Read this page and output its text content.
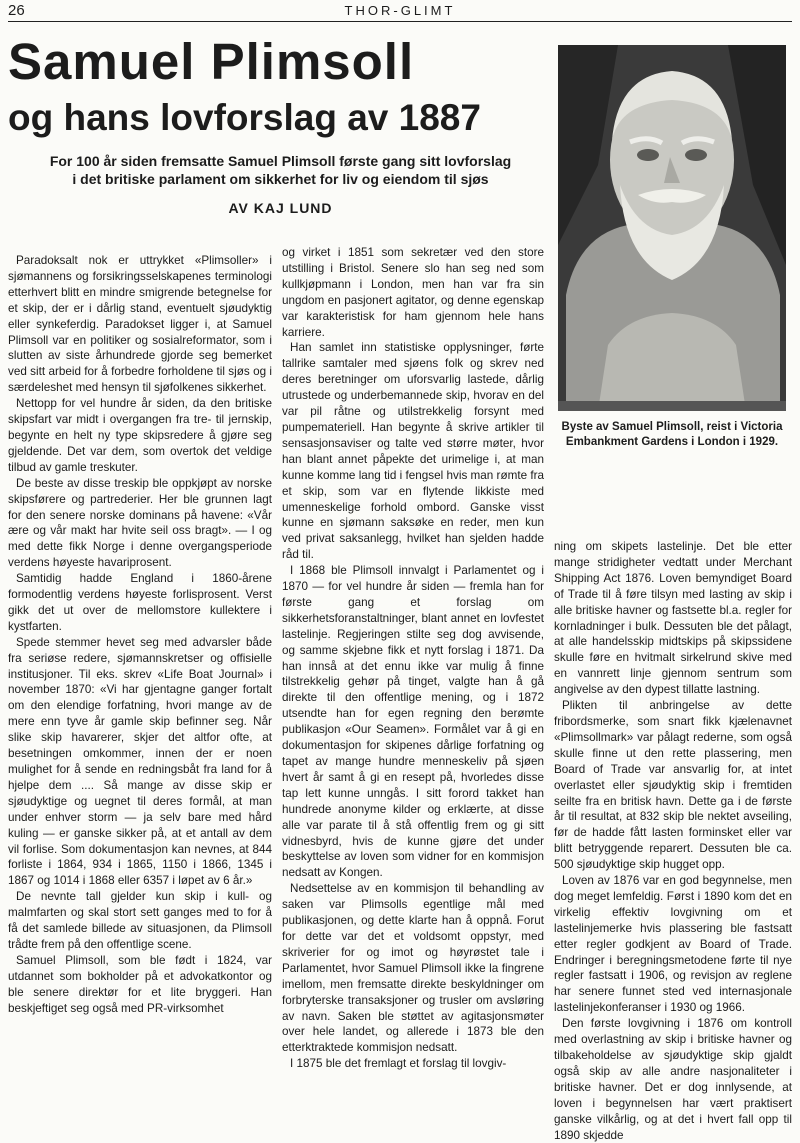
26	THOR-GLIMT
Samuel Plimsoll
og hans lovforslag av 1887
For 100 år siden fremsatte Samuel Plimsoll første gang sitt lovforslag
i det britiske parlament om sikkerhet for liv og eiendom til sjøs
AV KAJ LUND
Byste av Samuel Plimsoll, reist i Victoria Embankment Gardens i London i 1929.

Paradoksalt nok er uttrykket «Plimsoller» i sjømannens og forsikringsselskapenes terminologi etterhvert blitt en mindre smigrende betegnelse for et skip, der er i dårlig stand, eventuelt sjøudyktig eller synkeferdig. Paradokset ligger i, at Samuel Plimsoll var en politiker og sosialreformator, som i slutten av siste århundrede gjorde seg bemerket ved sitt arbeid for å forbedre forholdene til sjøs og i særdeleshet med hensyn til sjøfolkenes sikkerhet.

Nettopp for vel hundre år siden, da den britiske skipsfart var midt i overgangen fra tre- til jernskip, begynte en helt ny type skipsredere å gjøre seg gjeldende. Det var dem, som overtok det veldige tilbud av gamle treskuter.

De beste av disse treskip ble oppkjøpt av norske skipsførere og partrederier. Her ble grunnen lagt for den senere norske dominans på havene: «Vår ære og vår makt har hvite seil oss bragt». — I og med dette fikk Norge i denne overgangsperiode verdens høyeste havariprosent.

Samtidig hadde England i 1860-årene formodentlig verdens høyeste forlisprosent. Verst gikk det ut over de mellomstore kullektere i kystfarten.

Spede stemmer hevet seg med advarsler både fra seriøse redere, sjømannskretser og offisielle institusjoner. Til eks. skrev «Life Boat Journal» i november 1870: «Vi har gjentagne ganger fortalt om den elendige forfatning, hvori mange av de mere enn tyve år gamle skip befinner seg. Når slike skip havarerer, skjer det altfor ofte, at besetningen omkommer, innen der er noen mulighet for å sende en redningsbåt fra land for å hjelpe dem .... Så mange av disse skip er sjøudyktige og uegnet til deres formål, at man under enhver storm — ja selv bare med hård kuling — er ganske sikker på, at et antall av dem vil forlise. Som dokumentasjon kan nevnes, at 844 forliste i 1864, 934 i 1865, 1150 i 1866, 1345 i 1867 og 1014 i 1868 eller 6357 i løpet av 6 år.»

De nevnte tall gjelder kun skip i kull- og malmfarten og skal stort sett ganges med to for å få det samlede billede av situasjonen, da Plimsoll trådte frem på den offentlige scene.

Samuel Plimsoll, som ble født i 1824, var utdannet som bokholder på et advokatkontor og ble senere direktør for et lite bryggeri. Han beskjeftiget seg også med PR-virksomhet

og virket i 1851 som sekretær ved den store utstilling i Bristol. Senere slo han seg ned som kullkjøpmann i London, men han var fra sin ungdom en pasjonert agitator, og denne egenskap var karakteristisk for ham gjennom hele hans karriere.

Han samlet inn statistiske opplysninger, førte tallrike samtaler med sjøens folk og skrev ned deres beretninger om uforsvarlig lastede, dårlig utrustede og underbemannede skip, hvorav en del var pil råtne og utilstrekkelig forsynt med pumpemateriell. Han begynte å skrive artikler til sensasjonsaviser og talte ved større møter, hvor han blant annet påpekte det urimelige i, at man kunne komme lang tid i fengsel hvis man rømte fra et skip, som var en flytende likkiste med umenneskelige forhold ombord. Ganske visst kunne en sjømann saksøke en reder, men kun ved privat saksanlegg, hvilket han sjelden hadde råd til.

I 1868 ble Plimsoll innvalgt i Parlamentet og i 1870 — for vel hundre år siden — fremla han for første gang et forslag om sikkerhetsforanstaltninger, blant annet en lovfestet lastelinje. Regjeringen stilte seg dog avvisende, og samme skjebne fikk et nytt forslag i 1871. Da han innså at det ennu ikke var mulig å finne tilstrekkelig gehør på tinget, valgte han å gå direkte til den offentlige mening, og i 1872 utsendte han for egen regning den berømte publikasjon «Our Seamen». Formålet var å gi en dokumentasjon for skipenes dårlige forfatning og tapet av mange hundre menneskeliv på sjøen hvert år samt å gi en resept på, hvorledes disse tap lett kunne unngås. I sitt forord takket han hundrede anonyme kilder og erklærte, at disse alle var parate til å stå offentlig frem og gi sitt vidnesbyrd, hvis de kunne gjøre det under beskyttelse av loven som vidner for en kommisjon nedsatt av Kongen.

Nedsettelse av en kommisjon til behandling av saken var Plimsolls egentlige mål med publikasjonen, og dette klarte han å oppnå. Forut for dette var det et voldsomt oppstyr, med skriverier for og imot og høyrøstet tale i Parlamentet, hvor Samuel Plimsoll ikke la fingrene imellom, men fremsatte direkte beskyldninger om forbryterske transaksjoner og trusler om avsløring av navn. Saken ble støttet av agitasjonsmøter over hele landet, og allerede i 1873 ble den etterktraktede kommisjon nedsatt.

I 1875 ble det fremlagt et forslag til lovgiv-

ning om skipets lastelinje. Det ble etter mange stridigheter vedtatt under Merchant Shipping Act 1876. Loven bemyndiget Board of Trade til å føre tilsyn med lasting av skip i alle britiske havner og fastsette bl.a. regler for kornladninger i bulk. Dessuten ble det pålagt, at alle handelsskip midtskips på skipssidene skulle føre en hvitmalt sirkelrund skive med en vannrett linje gjennom sentrum som angivelse av den dypest tillatte lastning.

Plikten til anbringelse av dette fribordsmerke, som snart fikk kjælenavnet «Plimsollmark» var pålagt rederne, som også skulle finne ut den rette plassering, men Board of Trade var ansvarlig for, at intet overlastet eller sjøudyktig skip i fremtiden seilte fra en britisk havn. Dette ga i de første år til resultat, at 832 skip ble nektet avseiling, før de hadde fått lasten forminsket eller var blitt betryggende reparert. Dessuten ble ca. 500 sjøudyktige skip hugget opp.

Loven av 1876 var en god begynnelse, men dog meget lemfeldig. Først i 1890 kom det en virkelig effektiv lovgivning om et lastelinjemerke hvis plassering ble fastsatt etter regler godkjent av Board of Trade. Endringer i beregningsmetodene førte til nye regler fastsatt i 1906, og revisjon av reglene har senere funnet sted ved internasjonale lastelinjekonferanser i 1930 og 1966.

Den første lovgivning i 1876 om kontroll med overlastning av skip i britiske havner og tilbakeholdelse av sjøudyktige skip gjaldt også skip av alle andre nasjonaliteter i britiske havner. Det er dog innlysende, at loven i begynnelsen har vært praktisert ganske vilkårlig, og at det i hvert fall opp til 1890 skjedde
